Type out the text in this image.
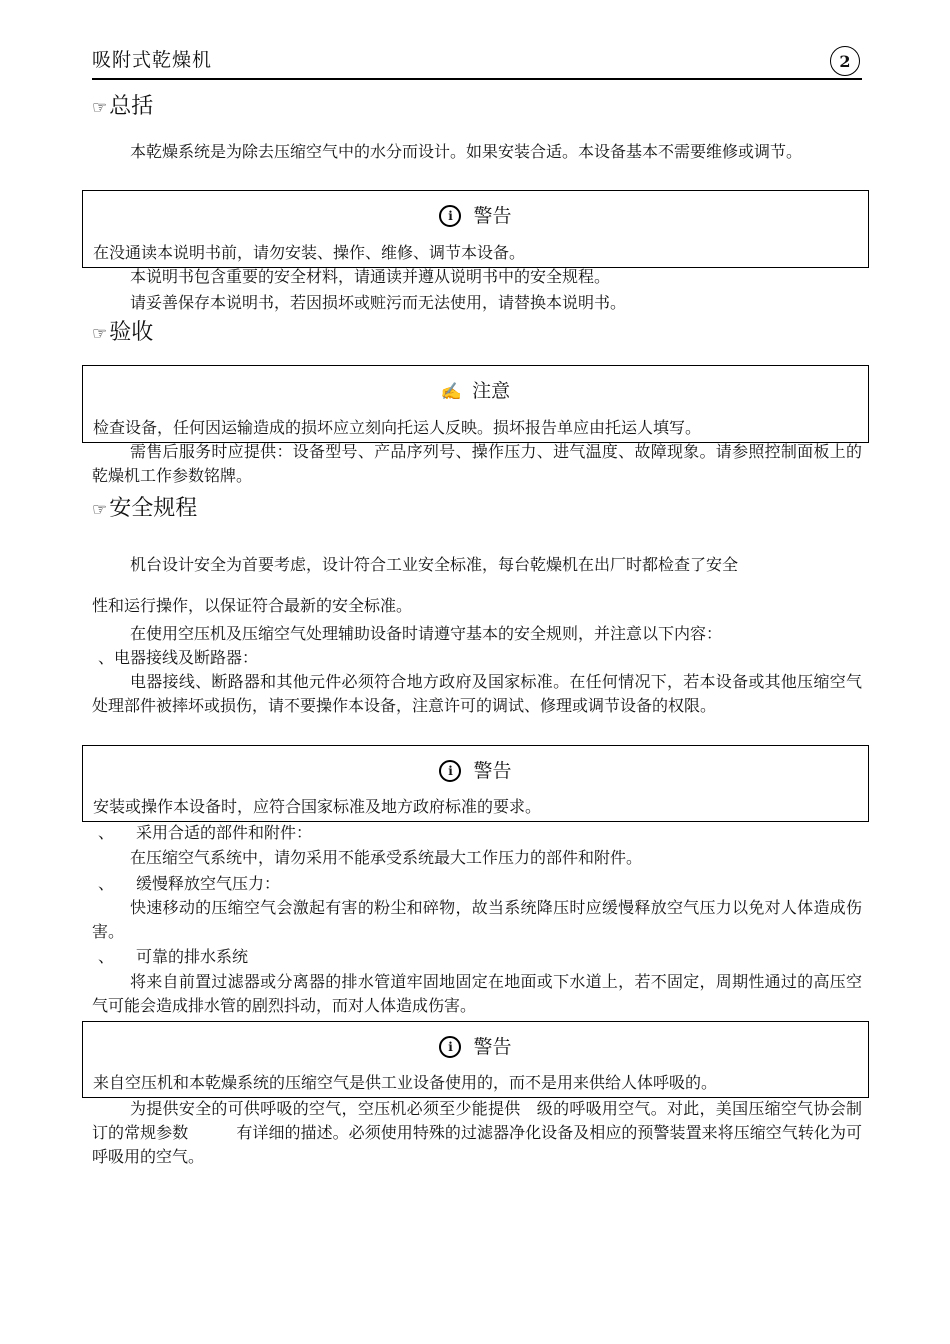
吸附式乾燥机	2
☞总括

本乾燥系统是为除去压缩空气中的水分而设计。如果安装合适。本设备基本不需要维修或调节。

i 警告
在没通读本说明书前，请勿安装、操作、维修、调节本设备。

本说明书包含重要的安全材料，请通读并遵从说明书中的安全规程。

请妥善保存本说明书，若因损坏或赃污而无法使用，请替换本说明书。

☞验收
✍ 注意
检查设备，任何因运输造成的损坏应立刻向托运人反映。损坏报告单应由托运人填写。

需售后服务时应提供：设备型号、产品序列号、操作压力、进气温度、故障现象。请参照控制面板上的乾燥机工作参数铭牌。

☞安全规程

机台设计安全为首要考虑，设计符合工业安全标准，每台乾燥机在出厂时都检查了安全

性和运行操作，以保证符合最新的安全标准。

在使用空压机及压缩空气处理辅助设备时请遵守基本的安全规则，并注意以下内容：

、电器接线及断路器：

电器接线、断路器和其他元件必须符合地方政府及国家标准。在任何情况下，若本设备或其他压缩空气处理部件被摔坏或损伤，请不要操作本设备，注意许可的调试、修理或调节设备的权限。

i 警告
安装或操作本设备时，应符合国家标准及地方政府标准的要求。
、 采用合适的部件和附件：

在压缩空气系统中，请勿采用不能承受系统最大工作压力的部件和附件。

、 缓慢释放空气压力：

快速移动的压缩空气会激起有害的粉尘和碎物，故当系统降压时应缓慢释放空气压力以免对人体造成伤害。

、 可靠的排水系统

将来自前置过滤器或分离器的排水管道牢固地固定在地面或下水道上，若不固定，周期性通过的高压空气可能会造成排水管的剧烈抖动，而对人体造成伤害。

i 警告
来自空压机和本乾燥系统的压缩空气是供工业设备使用的，而不是用来供给人体呼吸的。

为提供安全的可供呼吸的空气，空压机必须至少能提供　级的呼吸用空气。对此，美国压缩空气协会制订的常规参数　　　有详细的描述。必须使用特殊的过滤器净化设备及相应的预警装置来将压缩空气转化为可呼吸用的空气。
